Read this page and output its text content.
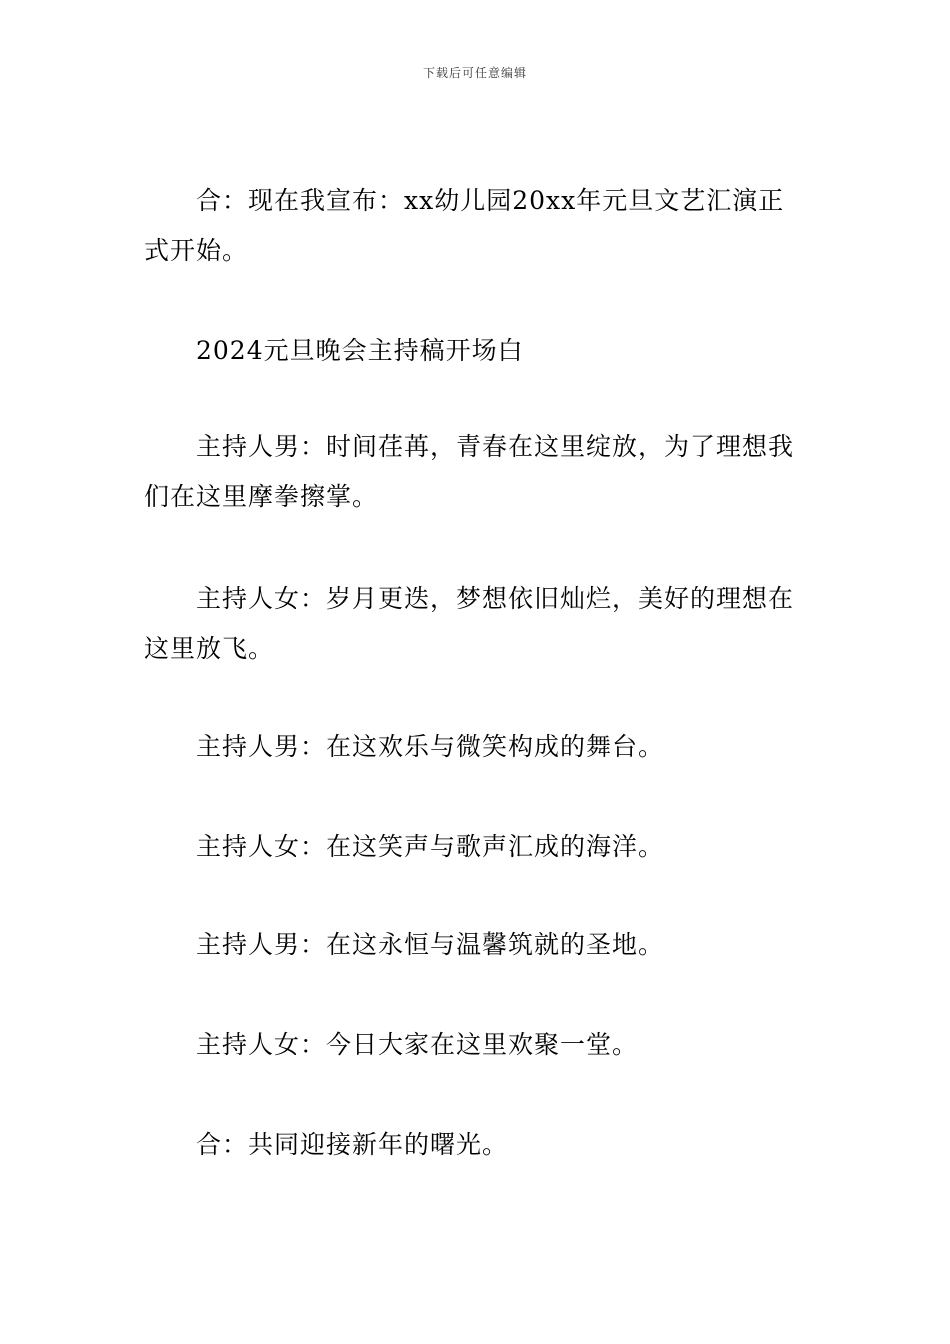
下载后可任意编辑
合：现在我宣布：xx幼儿园20xx年元旦文艺汇演正式开始。
2024元旦晚会主持稿开场白
主持人男：时间荏苒，青春在这里绽放，为了理想我们在这里摩拳擦掌。
主持人女：岁月更迭，梦想依旧灿烂，美好的理想在这里放飞。
主持人男：在这欢乐与微笑构成的舞台。
主持人女：在这笑声与歌声汇成的海洋。
主持人男：在这永恒与温馨筑就的圣地。
主持人女：今日大家在这里欢聚一堂。
合：共同迎接新年的曙光。
